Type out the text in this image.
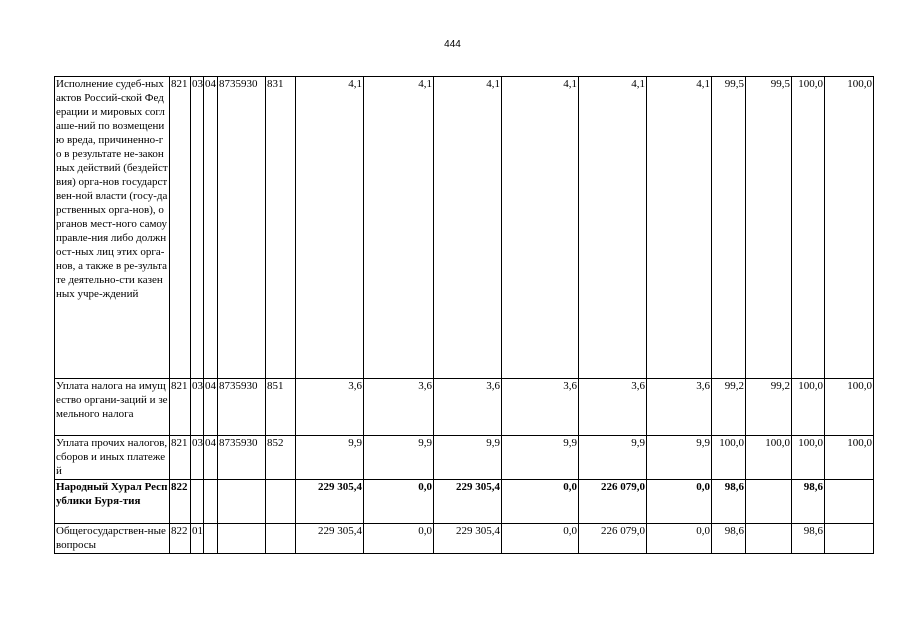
444
Исполнение судеб-ных актов Россий-ской Федерации и мировых соглаше-ний по возмещению вреда, причиненно-го в результате не-законных действий (бездействия) орга-нов государствен-ной власти (госу-дарственных орга-нов), органов мест-ного самоуправле-ния либо должност-ных лиц этих орга-нов, а также в ре-зультате деятельно-сти казенных учре-ждений	821	03	04	8735930	831	4,1	4,1	4,1	4,1	4,1	4,1	99,5	99,5	100,0	100,0
Уплата налога на имущество органи-заций и земельного налога	821	03	04	8735930	851	3,6	3,6	3,6	3,6	3,6	3,6	99,2	99,2	100,0	100,0
Уплата прочих налогов, сборов и иных платежей	821	03	04	8735930	852	9,9	9,9	9,9	9,9	9,9	9,9	100,0	100,0	100,0	100,0
Народный Хурал Республики Буря-тия	822					229 305,4	0,0	229 305,4	0,0	226 079,0	0,0	98,6		98,6	
Общегосударствен-ные вопросы	822	01				229 305,4	0,0	229 305,4	0,0	226 079,0	0,0	98,6		98,6	
